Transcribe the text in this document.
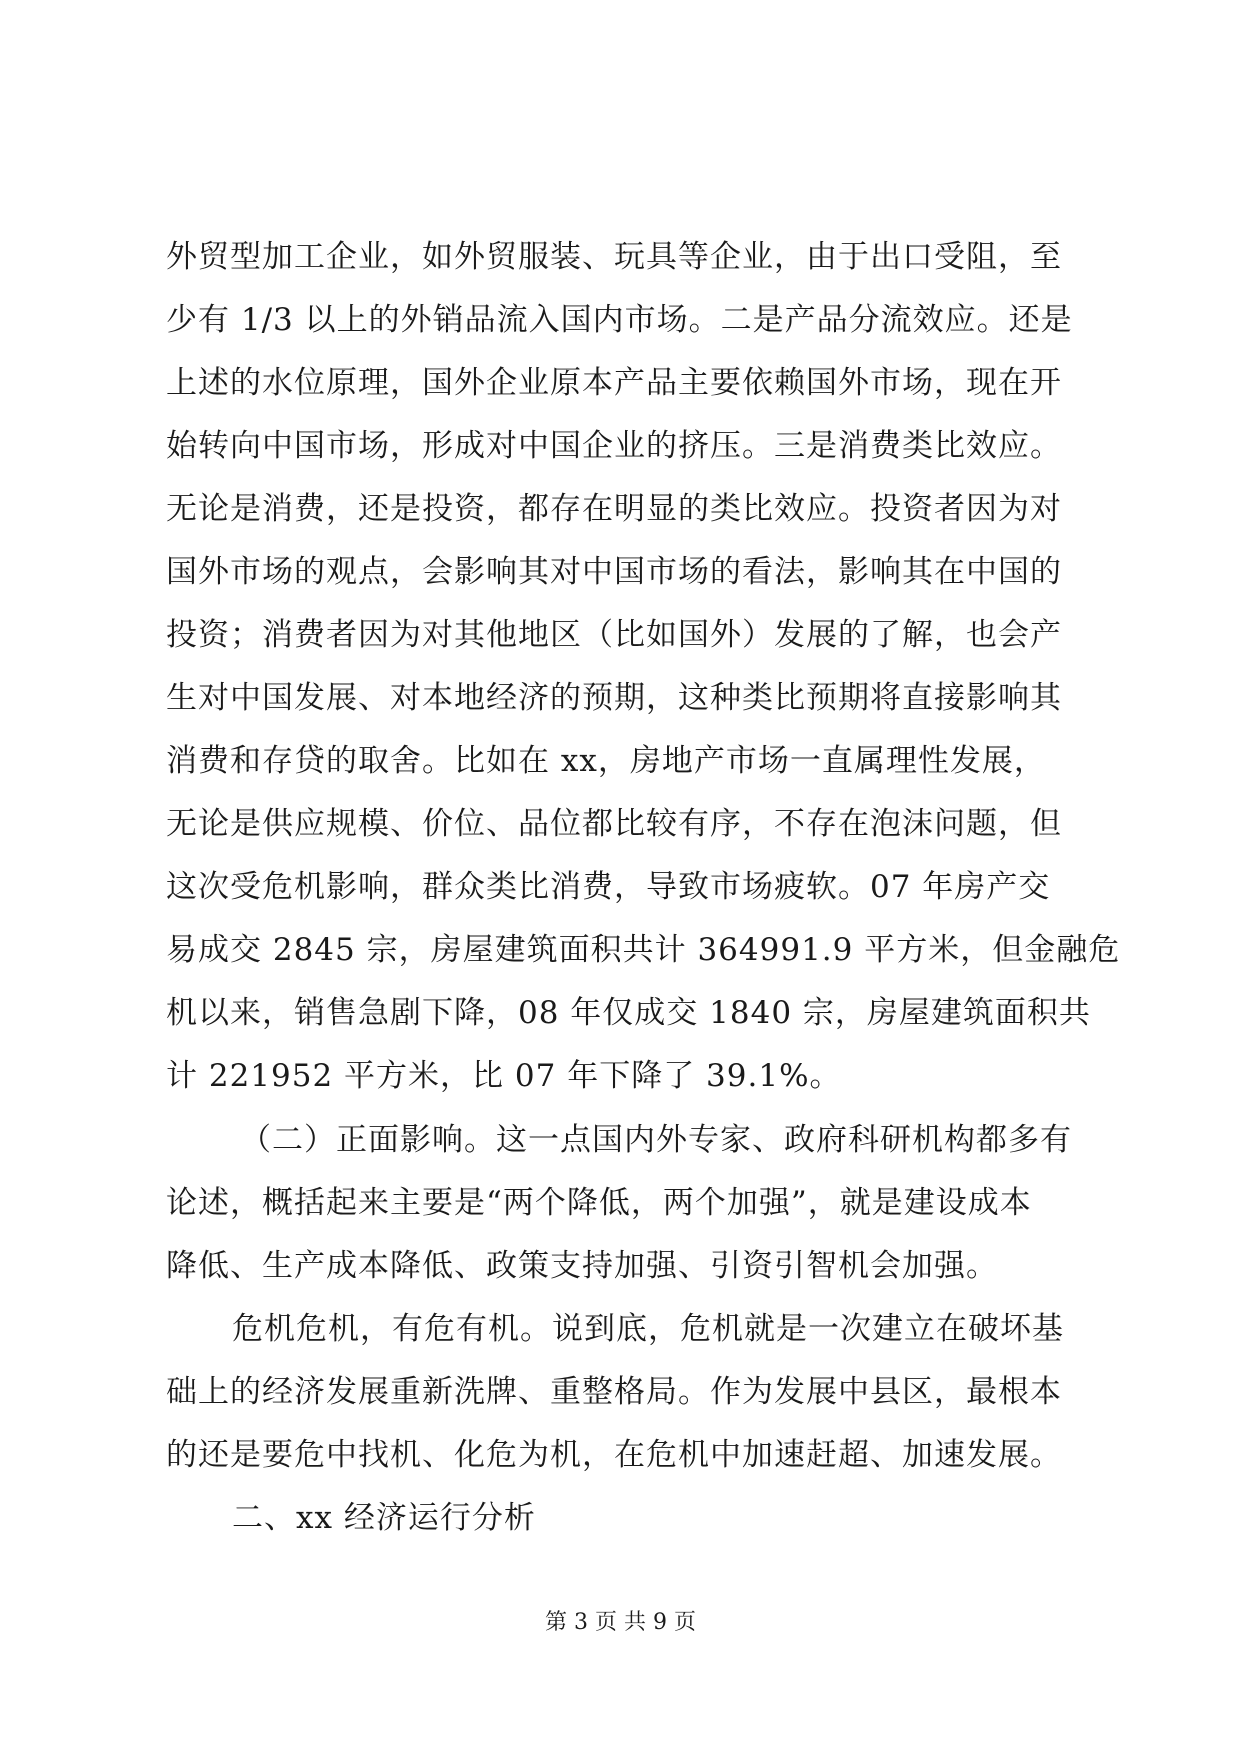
外贸型加工企业，如外贸服装、玩具等企业，由于出口受阻，至
少有 1/3 以上的外销品流入国内市场。二是产品分流效应。还是
上述的水位原理，国外企业原本产品主要依赖国外市场，现在开
始转向中国市场，形成对中国企业的挤压。三是消费类比效应。
无论是消费，还是投资，都存在明显的类比效应。投资者因为对
国外市场的观点，会影响其对中国市场的看法，影响其在中国的
投资；消费者因为对其他地区（比如国外）发展的了解，也会产
生对中国发展、对本地经济的预期，这种类比预期将直接影响其
消费和存贷的取舍。比如在 xx，房地产市场一直属理性发展，
无论是供应规模、价位、品位都比较有序，不存在泡沫问题，但
这次受危机影响，群众类比消费，导致市场疲软。07 年房产交
易成交 2845 宗，房屋建筑面积共计 364991.9 平方米，但金融危
机以来，销售急剧下降，08 年仅成交 1840 宗，房屋建筑面积共
计 221952 平方米，比 07 年下降了 39.1%。
（二）正面影响。这一点国内外专家、政府科研机构都多有
论述，概括起来主要是“两个降低，两个加强”，就是建设成本
降低、生产成本降低、政策支持加强、引资引智机会加强。
危机危机，有危有机。说到底，危机就是一次建立在破坏基
础上的经济发展重新洗牌、重整格局。作为发展中县区，最根本
的还是要危中找机、化危为机，在危机中加速赶超、加速发展。
二、xx 经济运行分析
第 3 页 共 9 页
